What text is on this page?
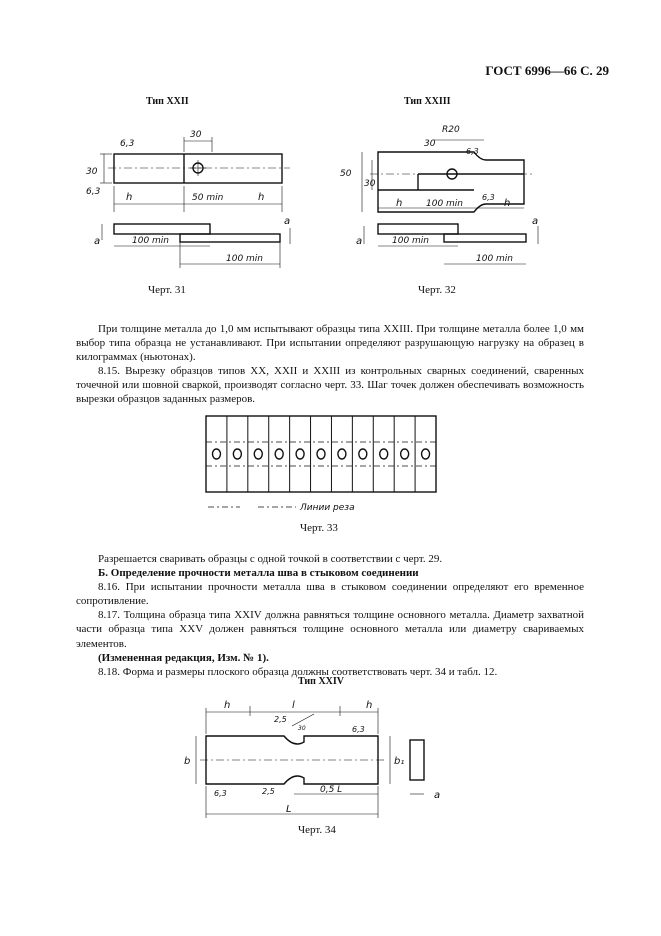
ГОСТ 6996—66 С. 29
Тип XXII
30
6,3
30
6,3	h	50 min	h
a
a	100 min
100 min
Черт. 31
Тип XXIII
R20
30
6,3
50
30
h	100 min
6,3
h
a
a
100 min
100 min
Черт. 32

При толщине металла до 1,0 мм испытывают образцы типа XXIII. При толщине металла более 1,0 мм выбор типа образца не устанавливают. При испытании определяют разрушающую нагрузку на образец в килограммах (ньютонах).

8.15. Вырезку образцов типов XX, XXII и XXIII из контрольных сварных соединений, сваренных точечной или шовной сваркой, производят согласно черт. 33. Шаг точек должен обеспечивать возможность вырезки образцов заданных размеров.

Линии реза
Черт. 33

Разрешается сваривать образцы с одной точкой в соответствии с черт. 29.

Б. Определение прочности металла шва в стыковом соединении

8.16. При испытании прочности металла шва в стыковом соединении определяют его временное сопротивление.

8.17. Толщина образца типа XXIV должна равняться толщине основного металла. Диаметр захватной части образца типа XXV должен равняться толщине основного металла или диаметру свариваемых элементов.

(Измененная редакция, Изм. № 1).

8.18. Форма и размеры плоского образца должны соответствовать черт. 34 и табл. 12.

Тип XXIV
h	l	h
2,5
30	6,3
b	b₁
6,3	2,5	0,5 L
L
a
Черт. 34
